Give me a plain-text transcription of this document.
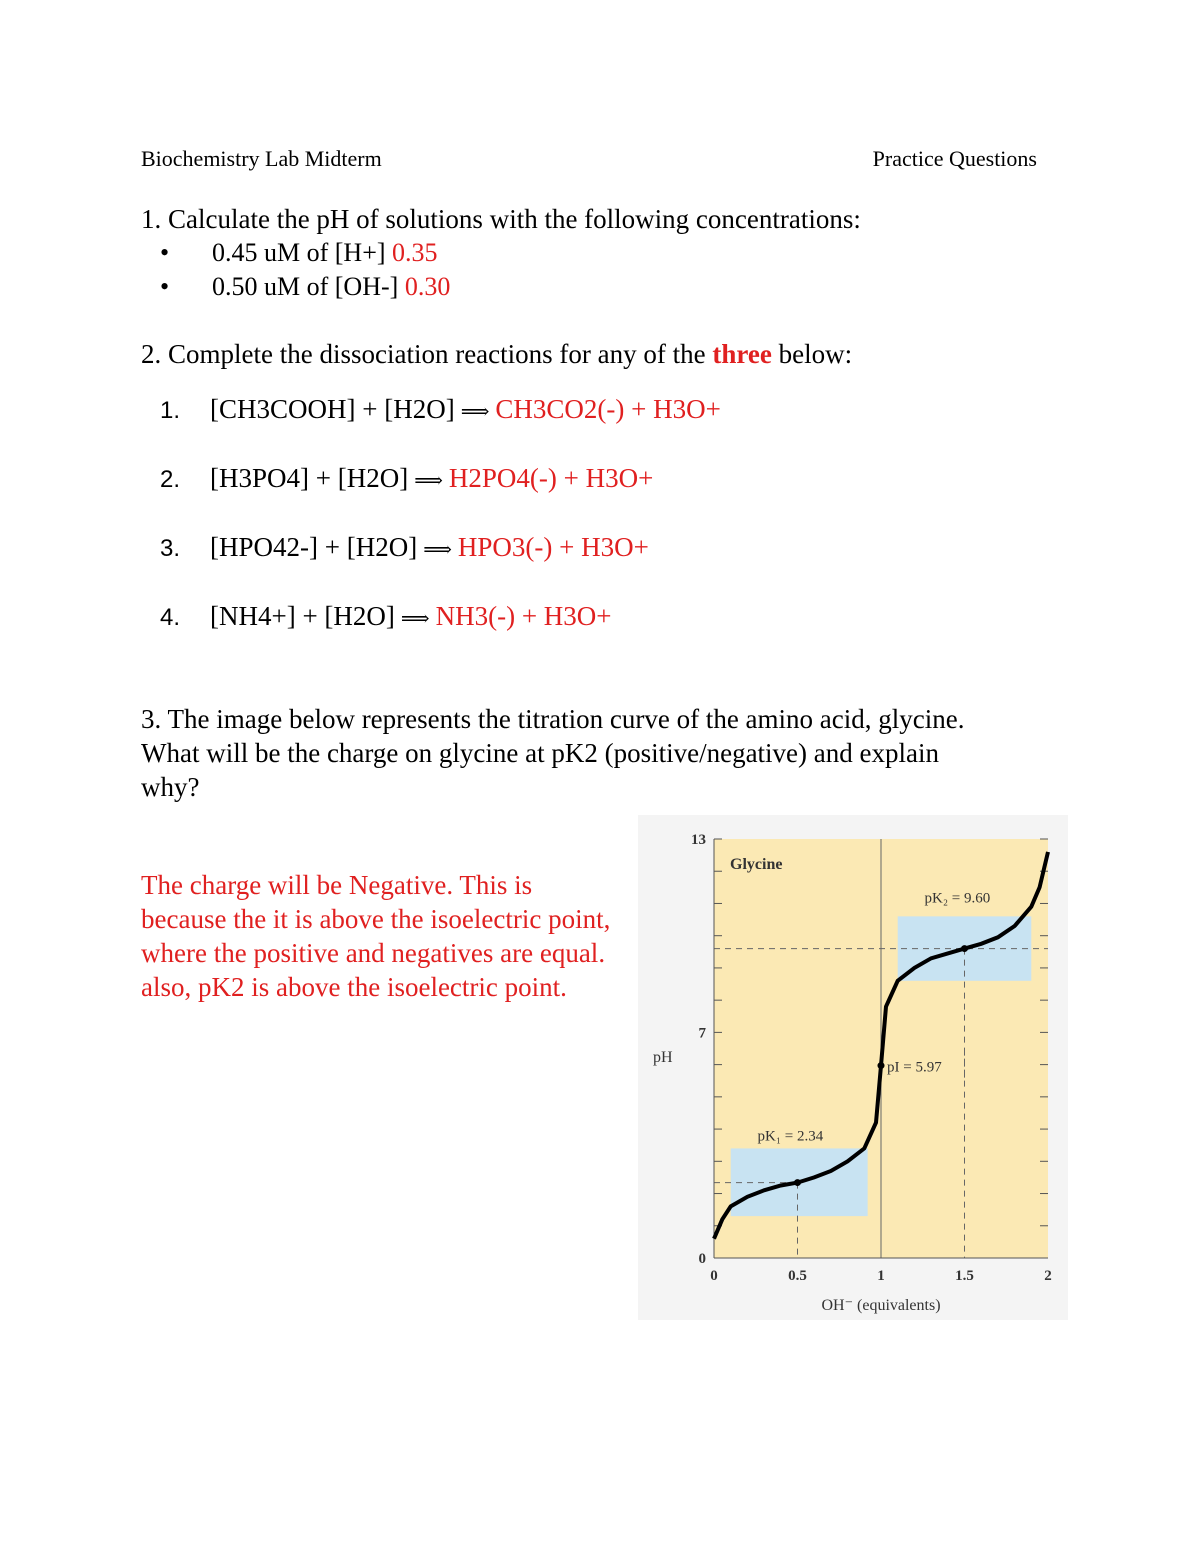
Biochemistry Lab Midterm	Practice Questions
1. Calculate the pH of solutions with the following concentrations:
• 0.45 uM of [H+] 0.35
• 0.50 uM of [OH-] 0.30
2. Complete the dissociation reactions for any of the three below:
1. [CH3COOH] + [H2O] ⟹ CH3CO2(-) + H3O+
2. [H3PO4] + [H2O] ⟹ H2PO4(-) + H3O+
3. [HPO42-] + [H2O] ⟹ HPO3(-) + H3O+
4. [NH4+] + [H2O] ⟹ NH3(-) + H3O+
3. The image below represents the titration curve of the amino acid, glycine.
What will be the charge on glycine at pK2 (positive/negative) and explain
why?
The charge will be Negative. This is because the it is above the isoelectric point, where the positive and negatives are equal. also, pK2 is above the isoelectric point.
0
7
13
0	0.5	1	1.5	2
pK₁ = 2.34
pI = 5.97
pK₂ = 9.60
Glycine
pH
OH⁻ (equivalents)
